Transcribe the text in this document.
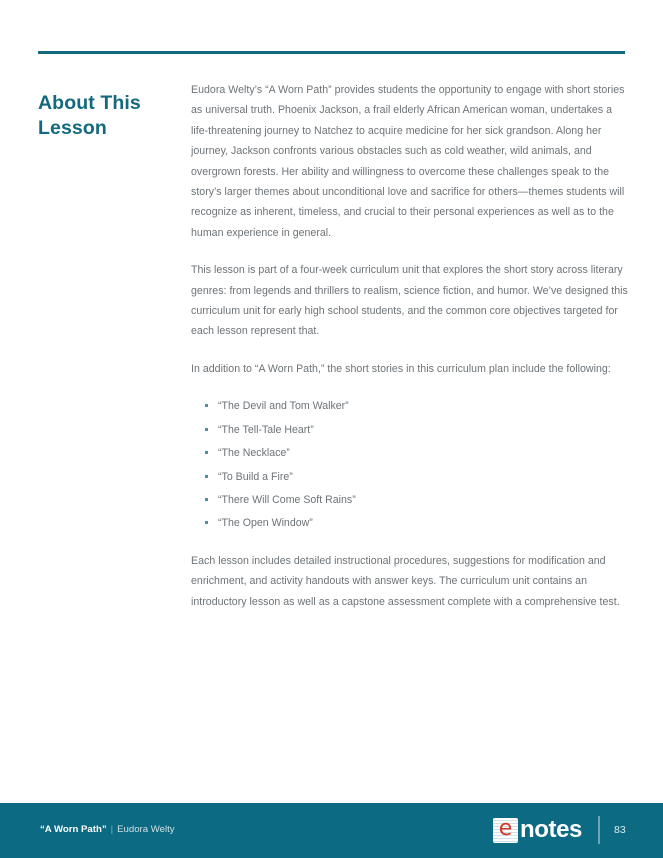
About This Lesson

Eudora Welty’s “A Worn Path” provides students the opportunity to engage with short stories as universal truth. Phoenix Jackson, a frail elderly African American woman, undertakes a life-threatening journey to Natchez to acquire medicine for her sick grandson. Along her journey, Jackson confronts various obstacles such as cold weather, wild animals, and overgrown forests. Her ability and willingness to overcome these challenges speak to the story’s larger themes about unconditional love and sacrifice for others—themes students will recognize as inherent, timeless, and crucial to their personal experiences as well as to the human experience in general.

This lesson is part of a four-week curriculum unit that explores the short story across literary genres: from legends and thrillers to realism, science fiction, and humor. We’ve designed this curriculum unit for early high school students, and the common core objectives targeted for each lesson represent that.

In addition to “A Worn Path,” the short stories in this curriculum plan include the following:

“The Devil and Tom Walker”
“The Tell-Tale Heart”
“The Necklace”
“To Build a Fire”
“There Will Come Soft Rains”
“The Open Window”

Each lesson includes detailed instructional procedures, suggestions for modification and enrichment, and activity handouts with answer keys. The curriculum unit contains an introductory lesson as well as a capstone assessment complete with a comprehensive test.

“A Worn Path” | Eudora Welty	e notes	83
